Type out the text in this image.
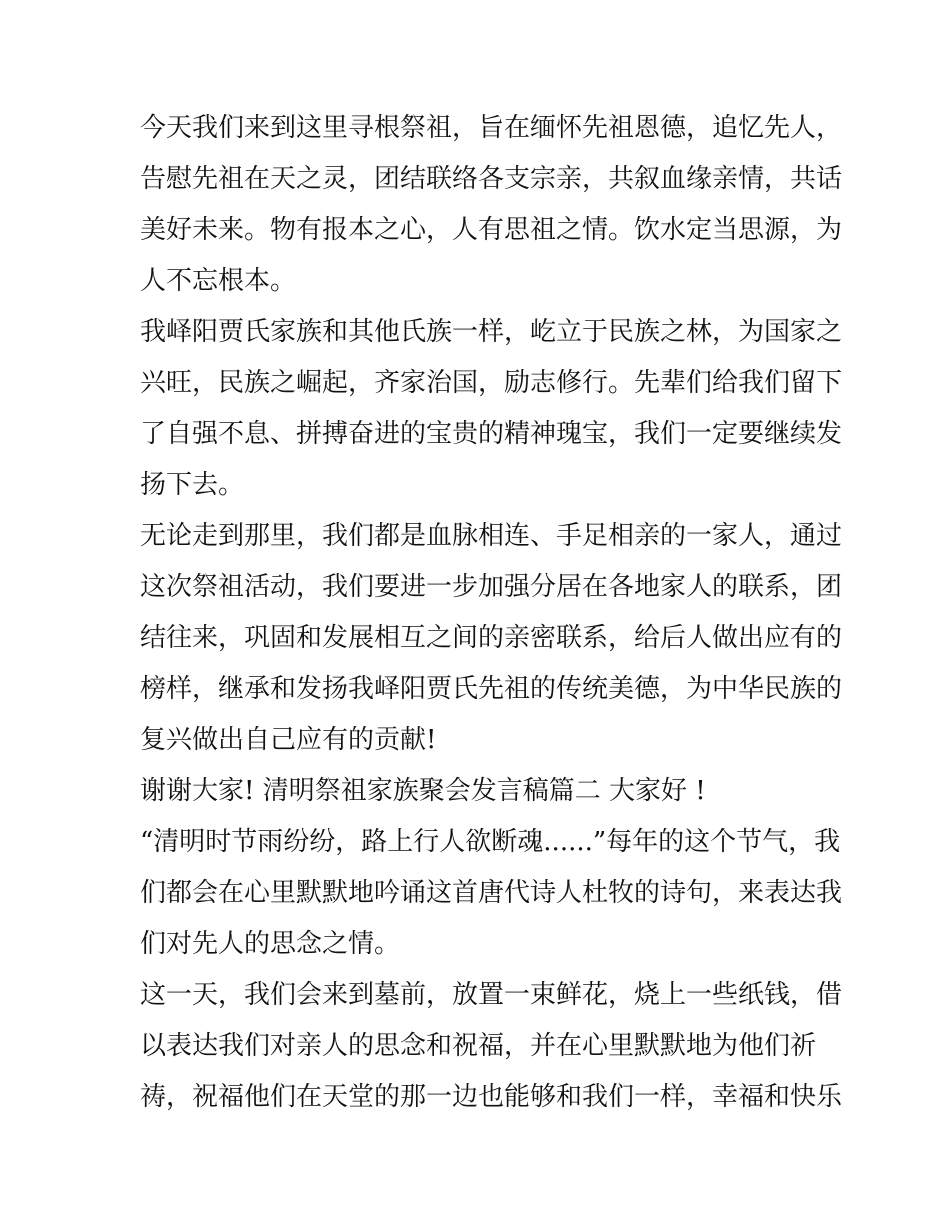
今天我们来到这里寻根祭祖，旨在缅怀先祖恩德，追忆先人，
告慰先祖在天之灵，团结联络各支宗亲，共叙血缘亲情，共话
美好未来。物有报本之心，人有思祖之情。饮水定当思源，为
人不忘根本。
我峄阳贾氏家族和其他氏族一样，屹立于民族之林，为国家之
兴旺，民族之崛起，齐家治国，励志修行。先辈们给我们留下
了自强不息、拼搏奋进的宝贵的精神瑰宝，我们一定要继续发
扬下去。
无论走到那里，我们都是血脉相连、手足相亲的一家人，通过
这次祭祖活动，我们要进一步加强分居在各地家人的联系，团
结往来，巩固和发展相互之间的亲密联系，给后人做出应有的
榜样，继承和发扬我峄阳贾氏先祖的传统美德，为中华民族的
复兴做出自己应有的贡献!
谢谢大家! 清明祭祖家族聚会发言稿篇二 大家好 !
“清明时节雨纷纷，路上行人欲断魂......”每年的这个节气，我
们都会在心里默默地吟诵这首唐代诗人杜牧的诗句，来表达我
们对先人的思念之情。
这一天，我们会来到墓前，放置一束鲜花，烧上一些纸钱，借
以表达我们对亲人的思念和祝福，并在心里默默地为他们祈
祷，祝福他们在天堂的那一边也能够和我们一样，幸福和快乐
